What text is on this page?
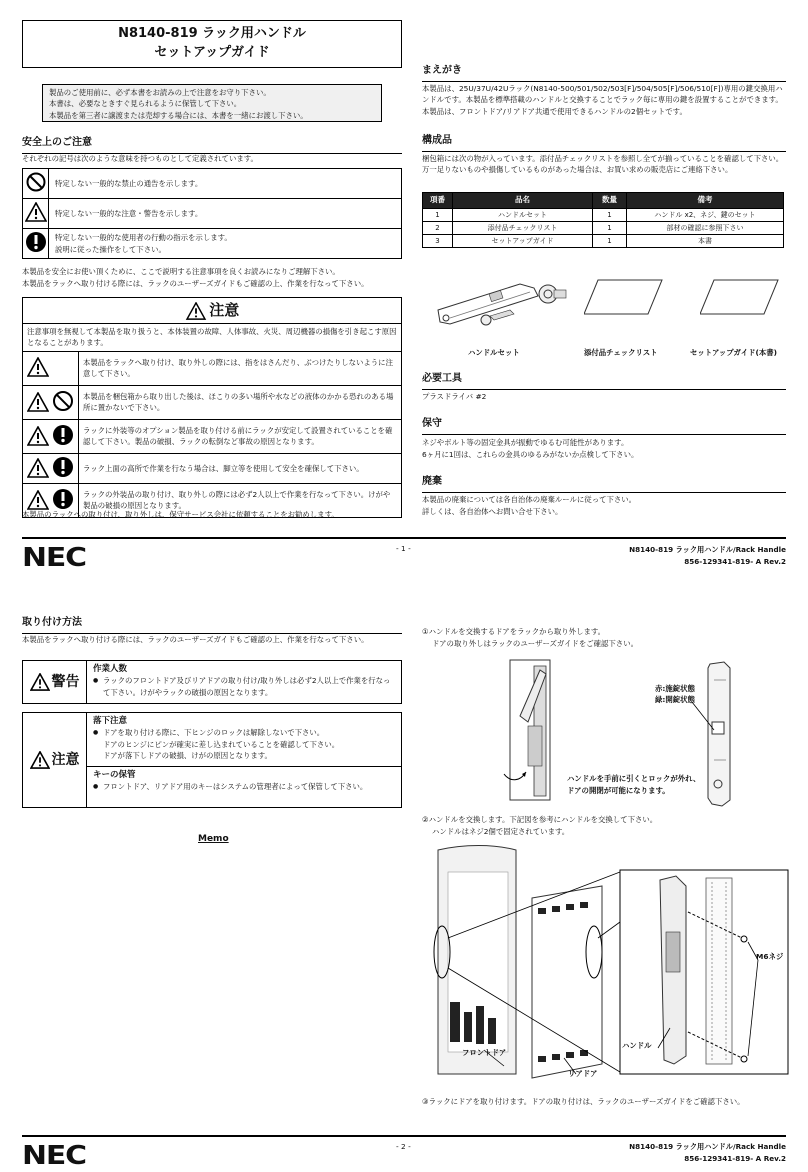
N8140-819 ラック用ハンドル
セットアップガイド
製品のご使用前に、必ず本書をお読みの上で注意をお守り下さい。
本書は、必要なときすぐ見られるように保管して下さい。
本製品を第三者に譲渡または売却する場合には、本書を一緒にお渡し下さい。
安全上のご注意
それぞれの記号は次のような意味を持つものとして定義されています。
	特定しない一般的な禁止の通告を示します。
	特定しない一般的な注意・警告を示します。
	特定しない一般的な使用者の行動の指示を示します。
説明に従った操作をして下さい。
本製品を安全にお使い頂くために、ここで説明する注意事項を良くお読みになりご理解下さい。
本製品をラックへ取り付ける際には、ラックのユーザーズガイドもご確認の上、作業を行なって下さい。
注意	
注意事項を無視して本製品を取り扱うと、本体装置の故障、人体事故、火災、周辺機器の損傷を引き起こす原因となることがあります。	
	本製品をラックへ取り付け、取り外しの際には、指をはさんだり、ぶつけたりしないように注意して下さい。
	本製品を梱包箱から取り出した後は、ほこりの多い場所や水などの液体のかかる恐れのある場所に置かないで下さい。
	ラックに外装等のオプション製品を取り付ける前にラックが安定して設置されていることを確認して下さい。製品の破損、ラックの転倒など事故の原因となります。
	ラック上面の高所で作業を行なう場合は、脚立等を使用して安全を確保して下さい。
	ラックの外装品の取り付け、取り外しの際には必ず2人以上で作業を行なって下さい。けがや製品の破損の原因となります。
本製品のラックへの取り付け、取り外しは、保守サービス会社に依頼することをお勧めします。
まえがき
本製品は、25U/37U/42Uラック(N8140-500/501/502/503[F]/504/505[F]/506/510[F])専用の鍵交換用ハンドルです。本製品を標準搭載のハンドルと交換することでラック毎に専用の鍵を設置することができます。本製品は、フロントドア/リアドア共通で使用できるハンドルの2個セットです。
構成品
梱包箱には次の物が入っています。添付品チェックリストを参照し全てが揃っていることを確認して下さい。万一足りないものや損傷しているものがあった場合は、お買い求めの販売店にご連絡下さい。
項番	品名	数量	備考
1	ハンドルセット	1	ハンドル x2、ネジ、鍵のセット
2	添付品チェックリスト	1	部材の確認に参照下さい
3	セットアップガイド	1	本書
ハンドルセット	添付品チェックリスト	セットアップガイド(本書)
必要工具
プラスドライバ #2
保守
ネジやボルト等の固定金具が振動でゆるむ可能性があります。
6ヶ月に1回は、これらの金具のゆるみがないか点検して下さい。
廃棄
本製品の廃棄については各自治体の廃棄ルールに従って下さい。
詳しくは、各自治体へお問い合せ下さい。
NEC	- 1 -	N8140-819 ラック用ハンドル/Rack Handle
856-129341-819- A Rev.2
取り付け方法
本製品をラックへ取り付ける際には、ラックのユーザーズガイドもご確認の上、作業を行なって下さい。
警告
作業人数
● ラックのフロントドア及びリアドアの取り付け/取り外しは必ず2人以上で作業を行なって下さい。けがやラックの破損の原因となります。
注意
落下注意
● ドアを取り付ける際に、下ヒンジのロックは解除しないで下さい。
ドアのヒンジにピンが確実に差し込まれていることを確認して下さい。
ドアが落下しドアの破損、けがの原因となります。
キーの保管
● フロントドア、リアドア用のキーはシステムの管理者によって保管して下さい。
Memo
①ハンドルを交換するドアをラックから取り外します。
ドアの取り外しはラックのユーザーズガイドをご確認下さい。
赤:施錠状態
緑:開錠状態
ハンドルを手前に引くとロックが外れ、
ドアの開閉が可能になります。
②ハンドルを交換します。下記図を参考にハンドルを交換して下さい。
ハンドルはネジ2個で固定されています。
M6ネジ
ハンドル
フロントドア
リアドア
③ラックにドアを取り付けます。ドアの取り付けは、ラックのユーザーズガイドをご確認下さい。
NEC	- 2 -	N8140-819 ラック用ハンドル/Rack Handle
856-129341-819- A Rev.2
